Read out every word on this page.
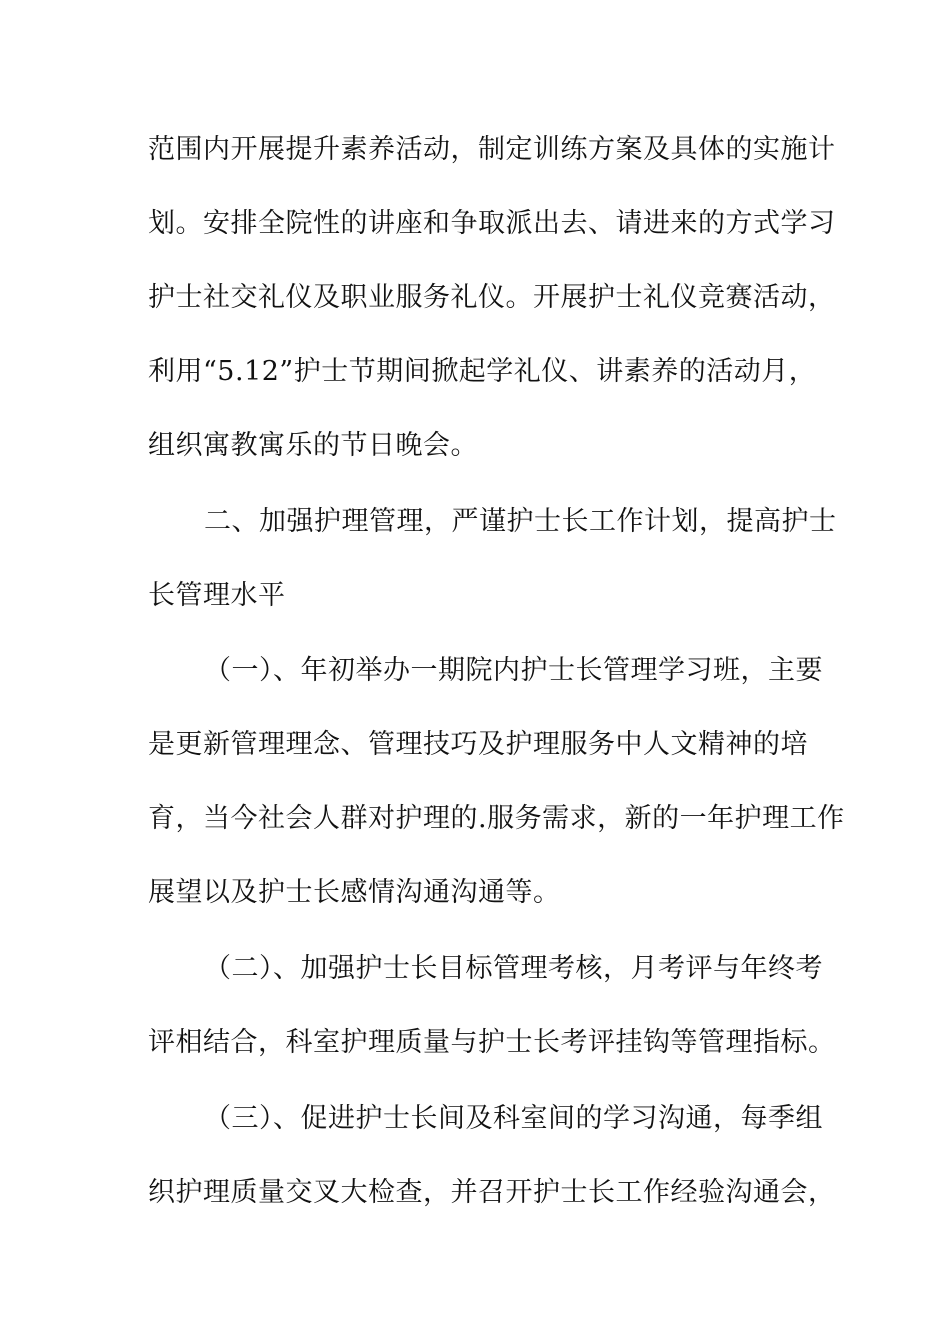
范围内开展提升素养活动，制定训练方案及具体的实施计
划。安排全院性的讲座和争取派出去、请进来的方式学习
护士社交礼仪及职业服务礼仪。开展护士礼仪竞赛活动，
利用“5.12”护士节期间掀起学礼仪、讲素养的活动月，
组织寓教寓乐的节日晚会。
二、加强护理管理，严谨护士长工作计划，提高护士
长管理水平
（一）、年初举办一期院内护士长管理学习班，主要
是更新管理理念、管理技巧及护理服务中人文精神的培
育，当今社会人群对护理的.服务需求，新的一年护理工作
展望以及护士长感情沟通沟通等。
（二）、加强护士长目标管理考核，月考评与年终考
评相结合，科室护理质量与护士长考评挂钩等管理指标。
（三）、促进护士长间及科室间的学习沟通，每季组
织护理质量交叉大检查，并召开护士长工作经验沟通会，
